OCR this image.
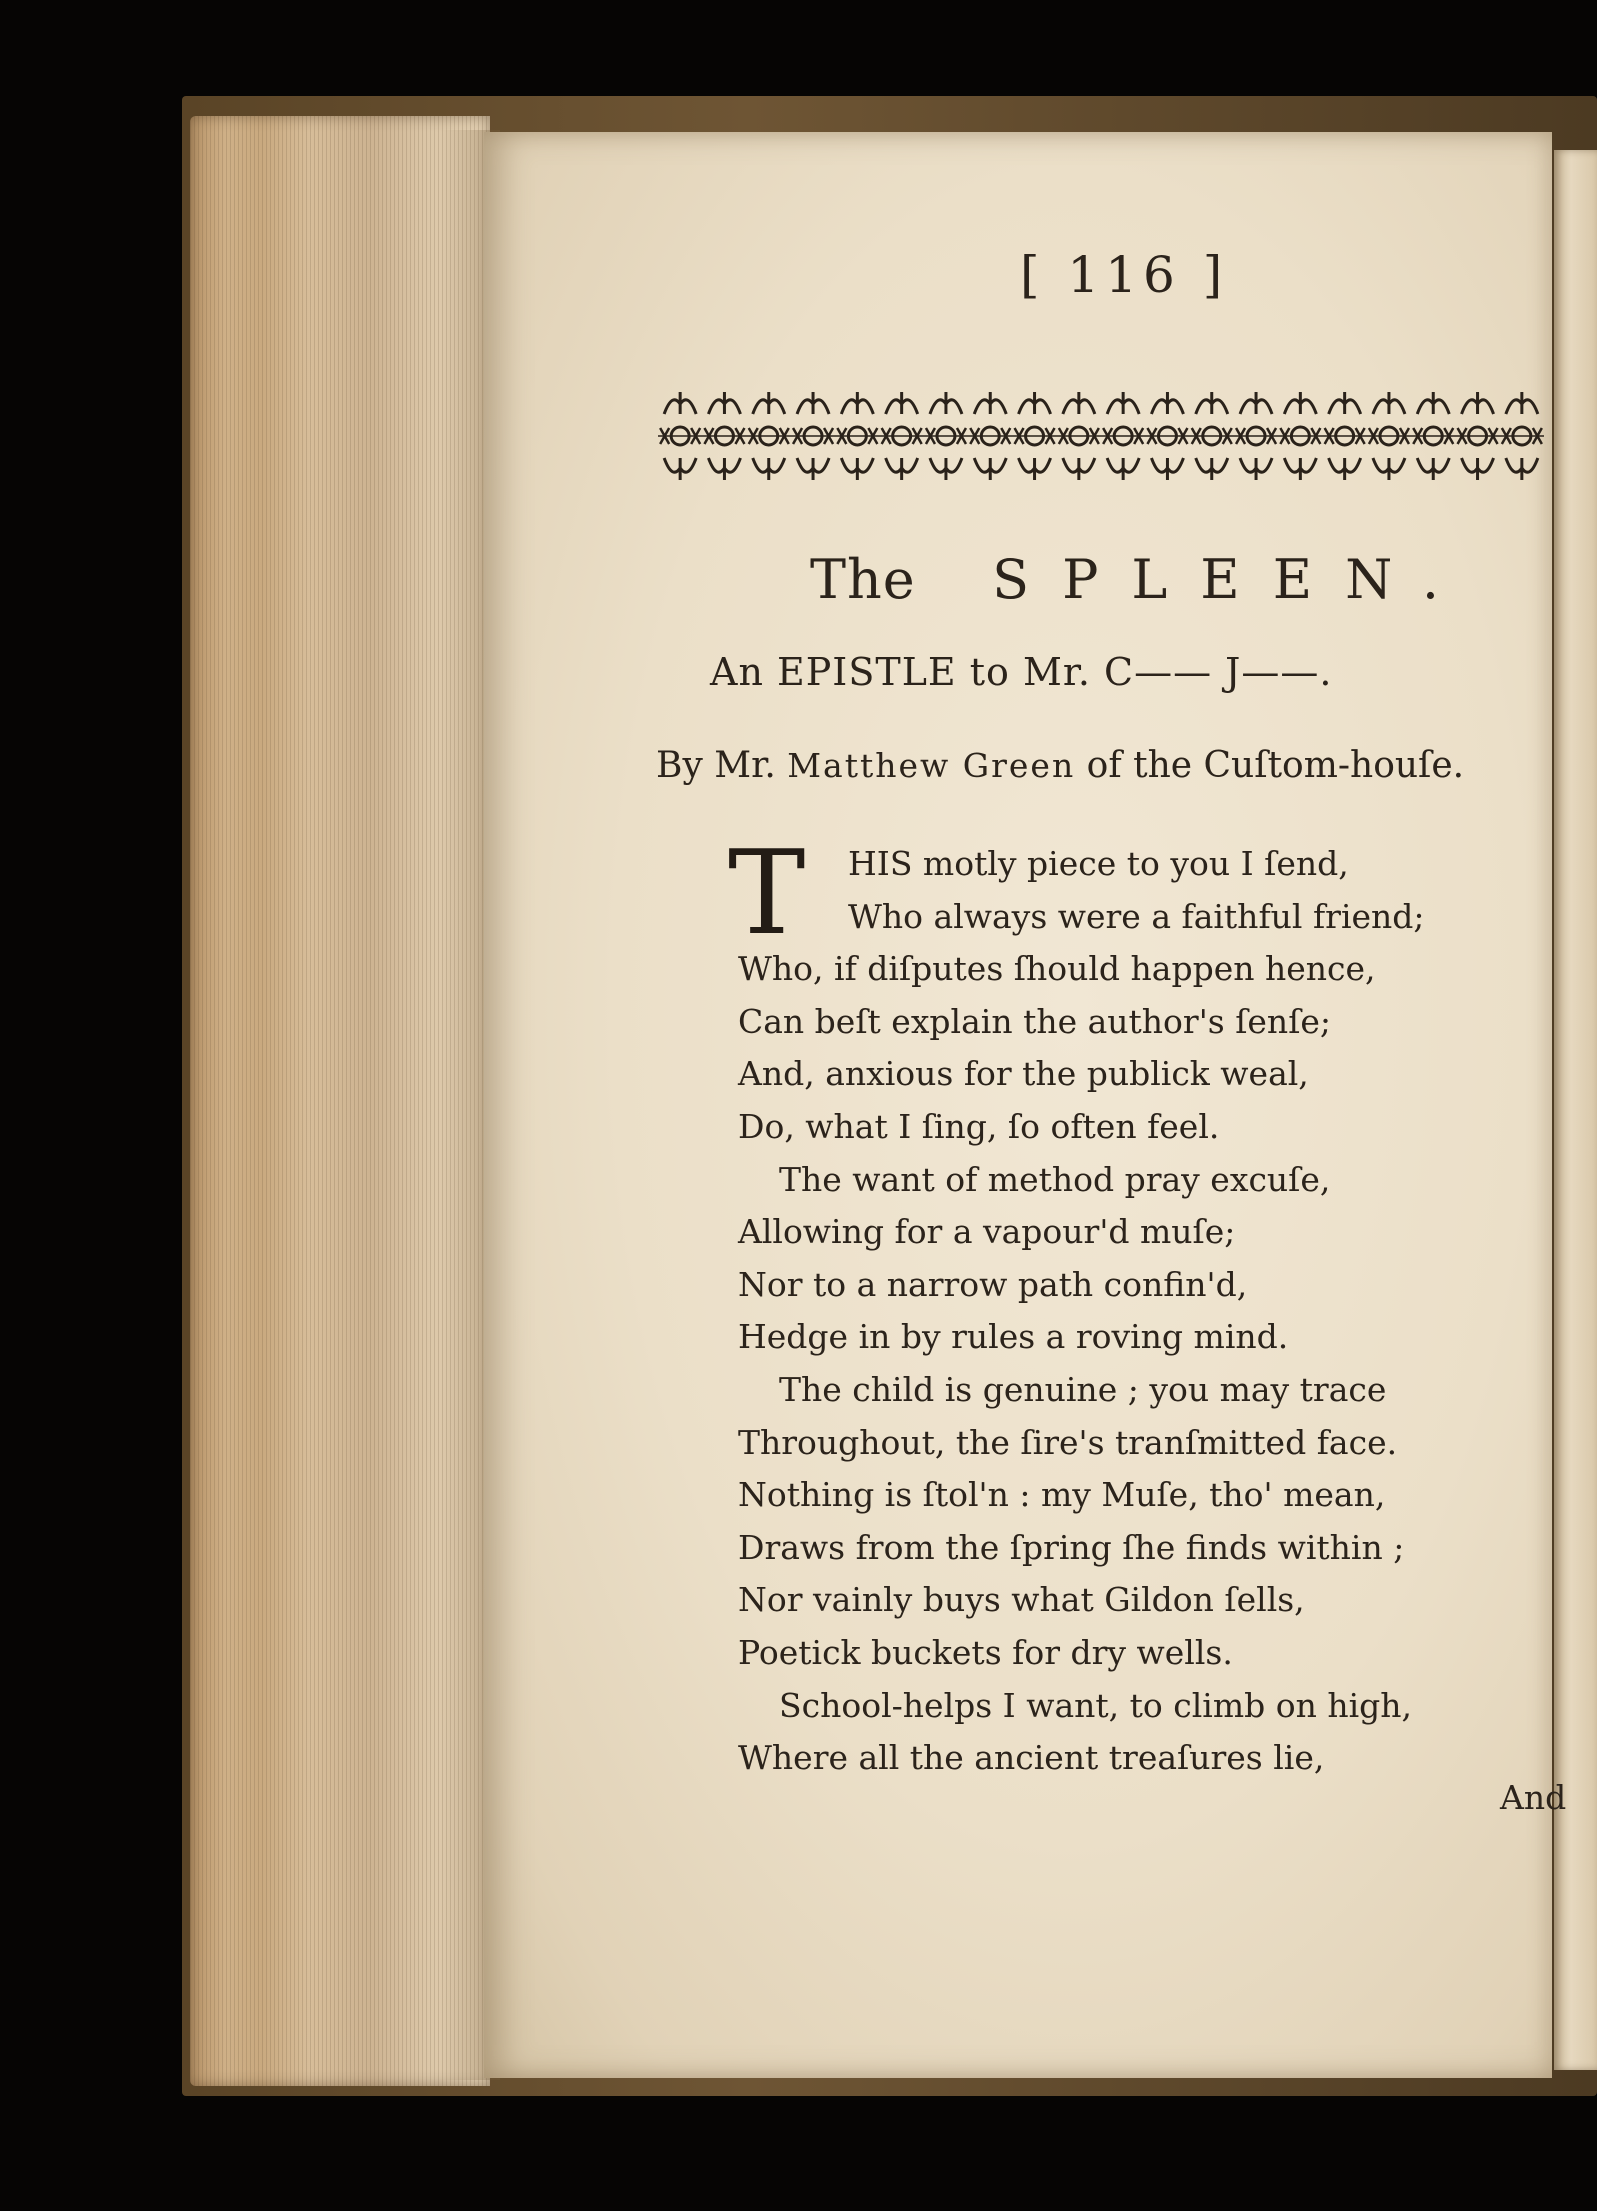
[ 116 ]

The SPLEEN.

An EPISTLE to Mr. C—— J——.

By Mr. Matthew Green of the Cuſtom-houſe.

T HIS motly piece to you I ſend,

Who always were a faithful friend;

Who, if diſputes ſhould happen hence,

Can beſt explain the author's ſenſe;

And, anxious for the publick weal,

Do, what I ſing, ſo often feel.

The want of method pray excuſe,

Allowing for a vapour'd muſe;

Nor to a narrow path confin'd,

Hedge in by rules a roving mind.

The child is genuine ; you may trace

Throughout, the ſire's tranſmitted face.

Nothing is ſtol'n : my Muſe, tho' mean,

Draws from the ſpring ſhe finds within ;

Nor vainly buys what Gildon ſells,

Poetick buckets for dry wells.

School-helps I want, to climb on high,

Where all the ancient treaſures lie,

And
